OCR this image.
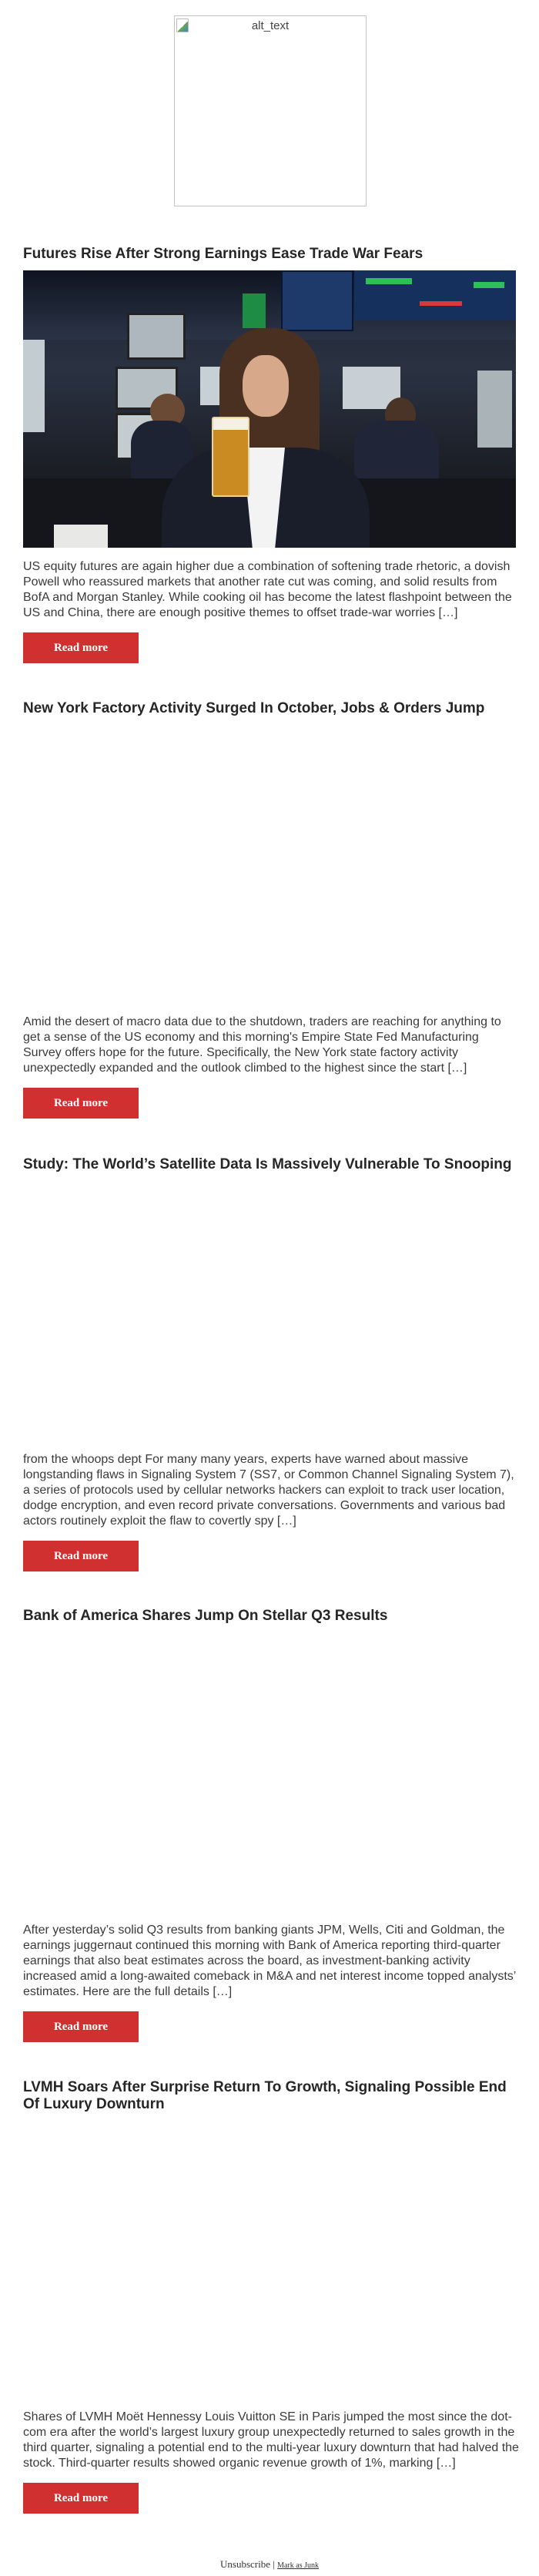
alt_text
Futures Rise After Strong Earnings Ease Trade War Fears

US equity futures are again higher due a combination of softening trade rhetoric, a dovish Powell who reassured markets that another rate cut was coming, and solid results from BofA and Morgan Stanley. While cooking oil has become the latest flashpoint between the US and China, there are enough positive themes to offset trade-war worries […]

Read more
New York Factory Activity Surged In October, Jobs & Orders Jump

Amid the desert of macro data due to the shutdown, traders are reaching for anything to get a sense of the US economy and this morning's Empire State Fed Manufacturing Survey offers hope for the future. Specifically, the New York state factory activity unexpectedly expanded and the outlook climbed to the highest since the start […]

Read more
Study: The World’s Satellite Data Is Massively Vulnerable To Snooping

from the whoops dept For many many years, experts have warned about massive longstanding flaws in Signaling System 7 (SS7, or Common Channel Signaling System 7), a series of protocols used by cellular networks hackers can exploit to track user location, dodge encryption, and even record private conversations. Governments and various bad actors routinely exploit the flaw to covertly spy […]

Read more
Bank of America Shares Jump On Stellar Q3 Results

After yesterday’s solid Q3 results from banking giants JPM, Wells, Citi and Goldman, the earnings juggernaut continued this morning with Bank of America reporting third-quarter earnings that also beat estimates across the board, as investment-banking activity increased amid a long-awaited comeback in M&A and net interest income topped analysts’ estimates. Here are the full details […]

Read more
LVMH Soars After Surprise Return To Growth, Signaling Possible End Of Luxury Downturn

Shares of LVMH Moët Hennessy Louis Vuitton SE in Paris jumped the most since the dot-com era after the world’s largest luxury group unexpectedly returned to sales growth in the third quarter, signaling a potential end to the multi-year luxury downturn that had halved the stock. Third-quarter results showed organic revenue growth of 1%, marking […]

Read more
Unsubscribe | Mark as Junk
